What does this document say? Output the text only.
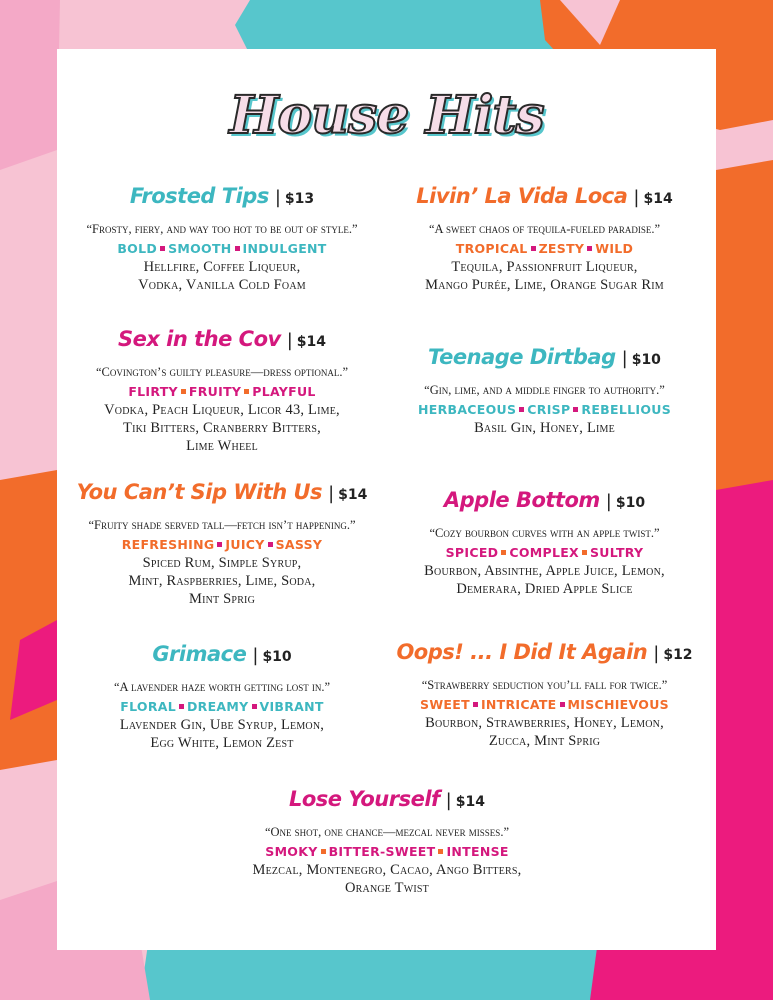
House Hits
Frosted Tips | $13
“Frosty, fiery, and way too hot to be out of style.”
BOLD SMOOTH INDULGENT
Hellfire, Coffee Liqueur,
Vodka, Vanilla Cold Foam
Livin’ La Vida Loca | $14
“A sweet chaos of tequila-fueled paradise.”
TROPICAL ZESTY WILD
Tequila, Passionfruit Liqueur,
Mango Purée, Lime, Orange Sugar Rim
Sex in the Cov | $14
“Covington’s guilty pleasure—dress optional.”
FLIRTY FRUITY PLAYFUL
Vodka, Peach Liqueur, Licor 43, Lime,
Tiki Bitters, Cranberry Bitters,
Lime Wheel
Teenage Dirtbag | $10
“Gin, lime, and a middle finger to authority.”
HERBACEOUS CRISP REBELLIOUS
Basil Gin, Honey, Lime
You Can’t Sip With Us | $14
“Fruity shade served tall—fetch isn’t happening.”
REFRESHING JUICY SASSY
Spiced Rum, Simple Syrup,
Mint, Raspberries, Lime, Soda,
Mint Sprig
Apple Bottom | $10
“Cozy bourbon curves with an apple twist.”
SPICED COMPLEX SULTRY
Bourbon, Absinthe, Apple Juice, Lemon,
Demerara, Dried Apple Slice
Grimace | $10
“A lavender haze worth getting lost in.”
FLORAL DREAMY VIBRANT
Lavender Gin, Ube Syrup, Lemon,
Egg White, Lemon Zest
Oops! ... I Did It Again | $12
“Strawberry seduction you’ll fall for twice.”
SWEET INTRICATE MISCHIEVOUS
Bourbon, Strawberries, Honey, Lemon,
Zucca, Mint Sprig
Lose Yourself | $14
“One shot, one chance—mezcal never misses.”
SMOKY BITTER-SWEET INTENSE
Mezcal, Montenegro, Cacao, Ango Bitters,
Orange Twist
